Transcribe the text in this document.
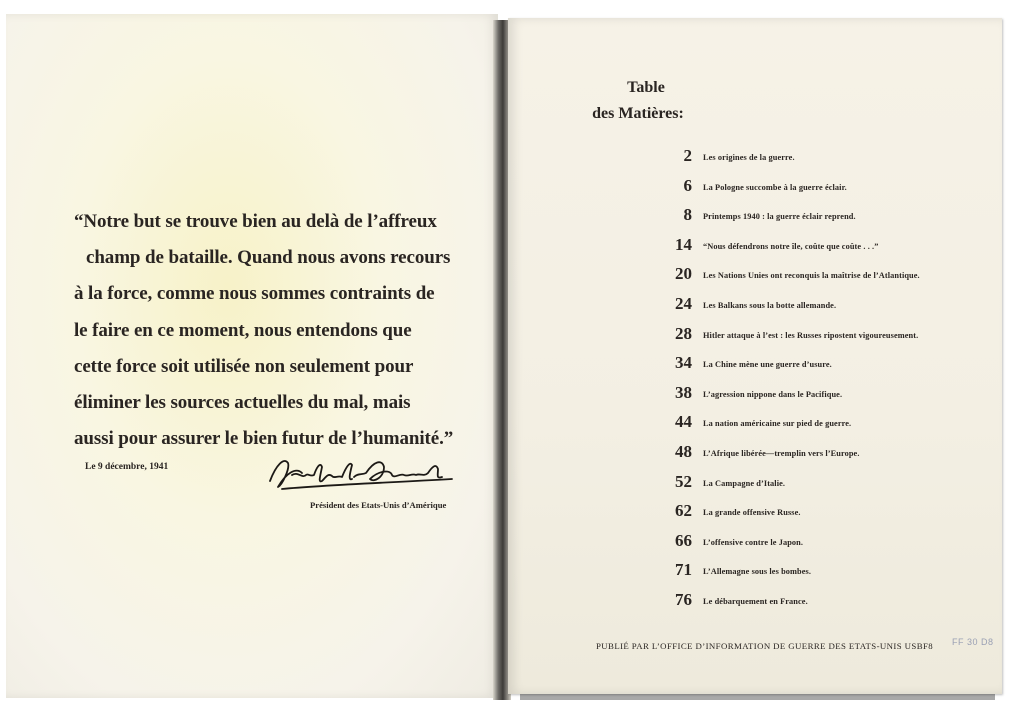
“Notre but se trouve bien au delà de l’affreux
champ de bataille. Quand nous avons recours
à la force, comme nous sommes contraints de
le faire en ce moment, nous entendons que
cette force soit utilisée non seulement pour
éliminer les sources actuelles du mal, mais
aussi pour assurer le bien futur de l’humanité.”
Le 9 décembre, 1941
Président des Etats-Unis d’Amérique
Table
des Matières:
2 Les origines de la guerre.
6 La Pologne succombe à la guerre éclair.
8 Printemps 1940 : la guerre éclair reprend.
14 “Nous défendrons notre île, coûte que coûte . . .”
20 Les Nations Unies ont reconquis la maîtrise de l’Atlantique.
24 Les Balkans sous la botte allemande.
28 Hitler attaque à l’est : les Russes ripostent vigoureusement.
34 La Chine mène une guerre d’usure.
38 L’agression nippone dans le Pacifique.
44 La nation américaine sur pied de guerre.
48 L’Afrique libérée—tremplin vers l’Europe.
52 La Campagne d’Italie.
62 La grande offensive Russe.
66 L’offensive contre le Japon.
71 L’Allemagne sous les bombes.
76 Le débarquement en France.
PUBLIÉ PAR L’OFFICE D’INFORMATION DE GUERRE DES ETATS-UNIS USBF8 FF 30 D8
